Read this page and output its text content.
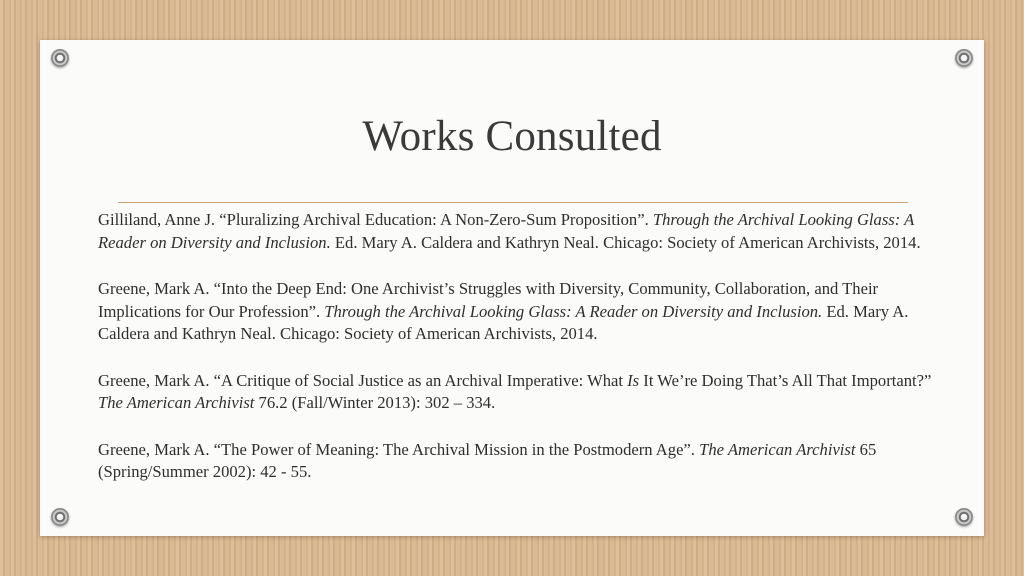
Works Consulted

Gilliland, Anne J. “Pluralizing Archival Education: A Non-Zero-Sum Proposition”. Through the Archival Looking Glass: A Reader on Diversity and Inclusion. Ed. Mary A. Caldera and Kathryn Neal. Chicago: Society of American Archivists, 2014.

Greene, Mark A. “Into the Deep End: One Archivist’s Struggles with Diversity, Community, Collaboration, and Their Implications for Our Profession”. Through the Archival Looking Glass: A Reader on Diversity and Inclusion. Ed. Mary A. Caldera and Kathryn Neal. Chicago: Society of American Archivists, 2014.

Greene, Mark A. “A Critique of Social Justice as an Archival Imperative: What Is It We’re Doing That’s All That Important?” The American Archivist 76.2 (Fall/Winter 2013): 302 – 334.

Greene, Mark A. “The Power of Meaning: The Archival Mission in the Postmodern Age”. The American Archivist 65 (Spring/Summer 2002): 42 - 55.
